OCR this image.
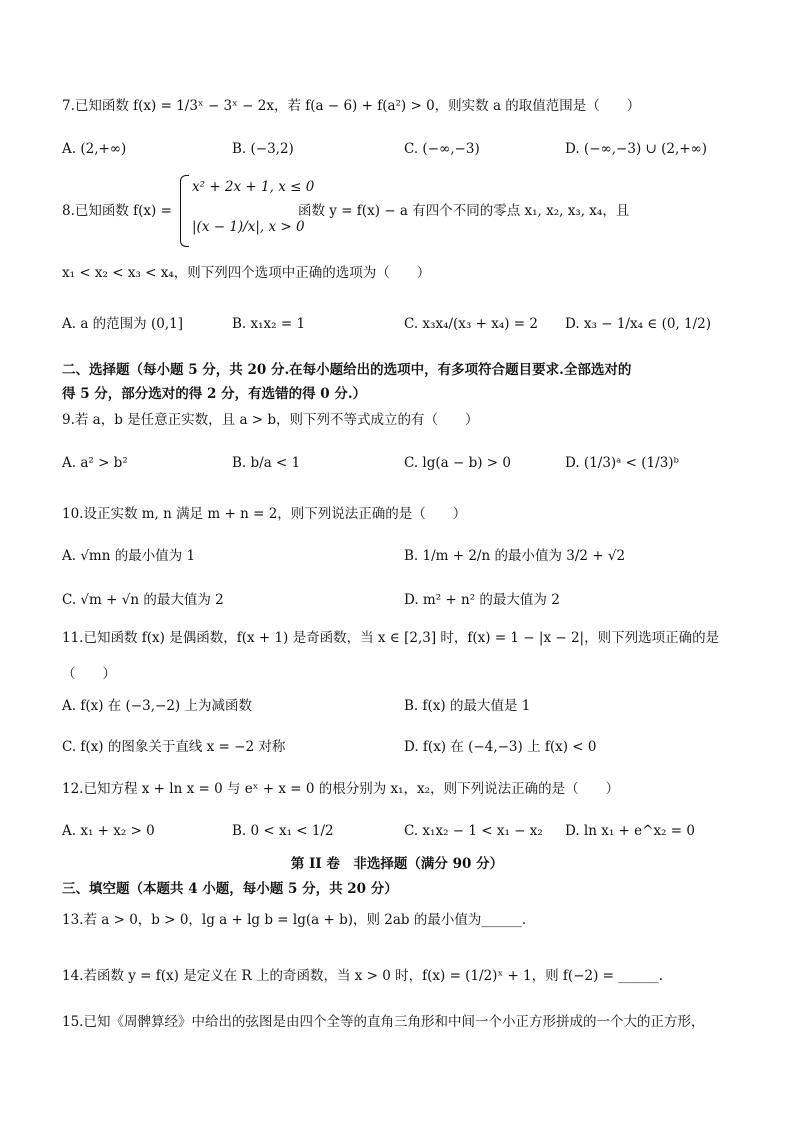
7.已知函数 f(x) = 1/3ˣ − 3ˣ − 2x，若 f(a − 6) + f(a²) > 0，则实数 a 的取值范围是（　　）
A. (2,+∞)	B. (−3,2)	C. (−∞,−3)	D. (−∞,−3) ∪ (2,+∞)
8.已知函数 f(x) =
x² + 2x + 1, x ≤ 0
|(x − 1)/x|, x > 0
函数 y = f(x) − a 有四个不同的零点 x₁, x₂, x₃, x₄，且
x₁ < x₂ < x₃ < x₄，则下列四个选项中正确的选项为（　　）
A. a 的范围为 (0,1]	B. x₁x₂ = 1	C. x₃x₄/(x₃ + x₄) = 2 D. x₃ − 1/x₄ ∈ (0, 1/2)
二、选择题（每小题 5 分，共 20 分.在每小题给出的选项中，有多项符合题目要求.全部选对的
得 5 分，部分选对的得 2 分，有选错的得 0 分.）
9.若 a，b 是任意正实数，且 a > b，则下列不等式成立的有（　　）
A. a² > b²	B. b/a < 1	C. lg(a − b) > 0	D. (1/3)ᵃ < (1/3)ᵇ
10.设正实数 m, n 满足 m + n = 2，则下列说法正确的是（　　）
A. √mn 的最小值为 1	B. 1/m + 2/n 的最小值为 3/2 + √2
C. √m + √n 的最大值为 2	D. m² + n² 的最大值为 2
11.已知函数 f(x) 是偶函数，f(x + 1) 是奇函数，当 x ∈ [2,3] 时，f(x) = 1 − |x − 2|，则下列选项正确的是
（　　）
A. f(x) 在 (−3,−2) 上为减函数	B. f(x) 的最大值是 1
C. f(x) 的图象关于直线 x = −2 对称	D. f(x) 在 (−4,−3) 上 f(x) < 0
12.已知方程 x + ln x = 0 与 eˣ + x = 0 的根分别为 x₁，x₂，则下列说法正确的是（　　）
A. x₁ + x₂ > 0	B. 0 < x₁ < 1/2	C. x₁x₂ − 1 < x₁ − x₂ D. ln x₁ + e^x₂ = 0
第 II 卷　非选择题（满分 90 分）
三、填空题（本题共 4 小题，每小题 5 分，共 20 分）
13.若 a > 0，b > 0，lg a + lg b = lg(a + b)，则 2ab 的最小值为______.
14.若函数 y = f(x) 是定义在 R 上的奇函数，当 x > 0 时，f(x) = (1/2)ˣ + 1，则 f(−2) = ______.
15.已知《周髀算经》中给出的弦图是由四个全等的直角三角形和中间一个小正方形拼成的一个大的正方形，
